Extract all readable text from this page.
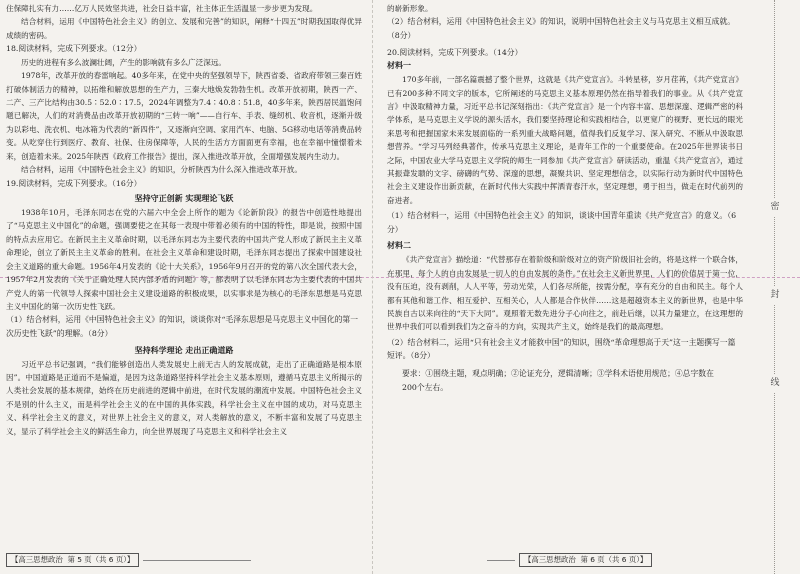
住保障扎实有力……亿万人民效坚共进，社会日益丰富，社主体正生活温显一步步更为发现。

结合材料，运用《中国特色社会主义》的创立、发展和完善”的知识，阐释“十四五”时期我国取得优异成绩的密码。

18.阅读材料，完成下列要求。（12分）

历史的进程有多么波澜壮阔，产生的影响就有多么广泛深远。

1978年，改革开放的春雷响起。40多年来，在党中央的坚强领导下，陕西省委、省政府带领三秦百姓打破体制活力的精神，以拓维和解放思想的生产力，三秦大地焕发勃勃生机。改革开放初期，陕西一产、二产、三产比结构由30.5∶52.0∶17.5，2024年调整为7.4∶40.8∶51.8，40多年来，陕西居民温饱问题已解决，人们的对消费品由改革开放初期的“三转一响”——自行车、手表、缝纫机、收音机，逐渐升级为以彩电、洗衣机、电冰箱为代表的“新四件”，又逐渐向空调、家用汽车、电脑、5G移动电话等消费品转变。从吃穿住行到医疗、教育、社保、住房保障等，人民的生活方方面面更有幸福，也在幸福中憧憬着未来，创造着未来。2025年陕西《政府工作报告》提出，深入推进改革开放，全面增强发展内生动力。

结合材料，运用《中国特色社会主义》的知识，分析陕西为什么深入推进改革开放。

19.阅读材料，完成下列要求。（16分）

坚持守正创新 实现理论飞跃

1938年10月，毛泽东同志在党的六届六中全会上所作的题为《论新阶段》的报告中创造性地提出了“马克思主义中国化”的命题，强调要使之在其每一表现中带着必须有的中国的特性，即是说，按照中国的特点去应用它。在新民主主义革命时期，以毛泽东同志为主要代表的中国共产党人形成了新民主主义革命理论，创立了新民主主义革命的胜利。在社会主义革命和建设时期，毛泽东同志提出了探索中国建设社会主义道路的重大命题。1956年4月发表的《论十大关系》，1956年9月召开的党的第八次全国代表大会，1957年2月发表的《关于正确处理人民内部矛盾的问题》等，都表明了以毛泽东同志为主要代表的中国共产党人的第一代领导人探索中国社会主义建设道路的积极成果，以实事求是为核心的毛泽东思想是马克思主义中国化的第一次历史性飞跃。

（1）结合材料，运用《中国特色社会主义》的知识，谈谈你对“毛泽东思想是马克思主义中国化的第一次历史性飞跃”的理解。（8分）

坚持科学理论 走出正确道路

习近平总书记强调，“我们能够创造出人类发展史上前无古人的发展成就，走出了正确道路是根本原因”。中国道路是正道而不是偏道，是因为这条道路坚持科学社会主义基本原则，遵循马克思主义所揭示的人类社会发展的基本规律，始终在历史前进的逻辑中前进，在时代发展的潮流中发展。中国特色社会主义不是别的什么主义，而是科学社会主义的在中国的具体实践，科学社会主义在中国的成功，对马克思主义、科学社会主义的意义，对世界上社会主义的意义，对人类解放的意义，不断丰富和发展了马克思主义，显示了科学社会主义的鲜活生命力，向全世界展现了马克思主义和科学社会主义

【高三思想政治 第 5 页（共 6 页）】

的崭新形象。

（2）结合材料，运用《中国特色社会主义》的知识，说明中国特色社会主义与马克思主义相互成就。（8分）

20.阅读材料，完成下列要求。（14分）

材料一

170多年前，一部名篇震撼了整个世界，这就是《共产党宣言》。斗转星移，岁月荏苒，《共产党宣言》已有200多种不同文字的版本，它所阐述的马克思主义基本原理仍然在指导着我们的事业。从《共产党宣言》中汲取精神力量，习近平总书记深刻指出：《共产党宣言》是一个内容丰富、思想深邃、逻辑严密的科学体系，是马克思主义学说的源头活水，我们要坚持理论和实践相结合，以更宽广的视野、更长远的眼光来思考和把握国家未来发展面临的一系列重大战略问题，值得我们反复学习、深入研究、不断从中汲取思想营养。“学习马列经典著作，传承马克思主义理论，是青年工作的一个重要使命。在2025年世界读书日之际，中国农业大学马克思主义学院的师生一同参加《共产党宣言》研读活动，重温《共产党宣言》，通过其振聋发聩的文字、磅礴的气势、深邃的思想，凝聚共识、坚定理想信念，以实际行动为新时代中国特色社会主义建设作出新贡献，在新时代伟大实践中挥洒青春汗水，坚定理想，勇于担当，做走在时代前列的奋进者。

（1）结合材料一，运用《中国特色社会主义》的知识，谈谈中国青年重读《共产党宣言》的意义。（6分）

材料二

《共产党宣言》描绘道：“代替那存在着阶级和阶级对立的资产阶级旧社会的，将是这样一个联合体，在那里，每个人的自由发展是一切人的自由发展的条件。”在社会主义新世界里，人们的价值居于第一位，没有压迫，没有剥削，人人平等，劳动光荣，人们各尽所能，按需分配，享有充分的自由和民主。每个人都有其他和谐工作、相互爱护、互相关心，人人都是合作伙伴……这是超越资本主义的新世界，也是中华民族自古以来向往的“天下大同”。观照着无数先进分子心向往之，前赴后继，以其力量建立，在这理想的世界中我们可以看到我们为之奋斗的方向，实现共产主义，始终是我们的最高理想。

（2）结合材料二，运用“只有社会主义才能救中国”的知识，围绕“革命理想高于天”这一主题撰写一篇短评。（8分）

要求：①围绕主题，观点明确；②论证充分，逻辑清晰；③学科术语使用规范；④总字数在

200个左右。

【高三思想政治 第 6 页（共 6 页）】
密
封
线
